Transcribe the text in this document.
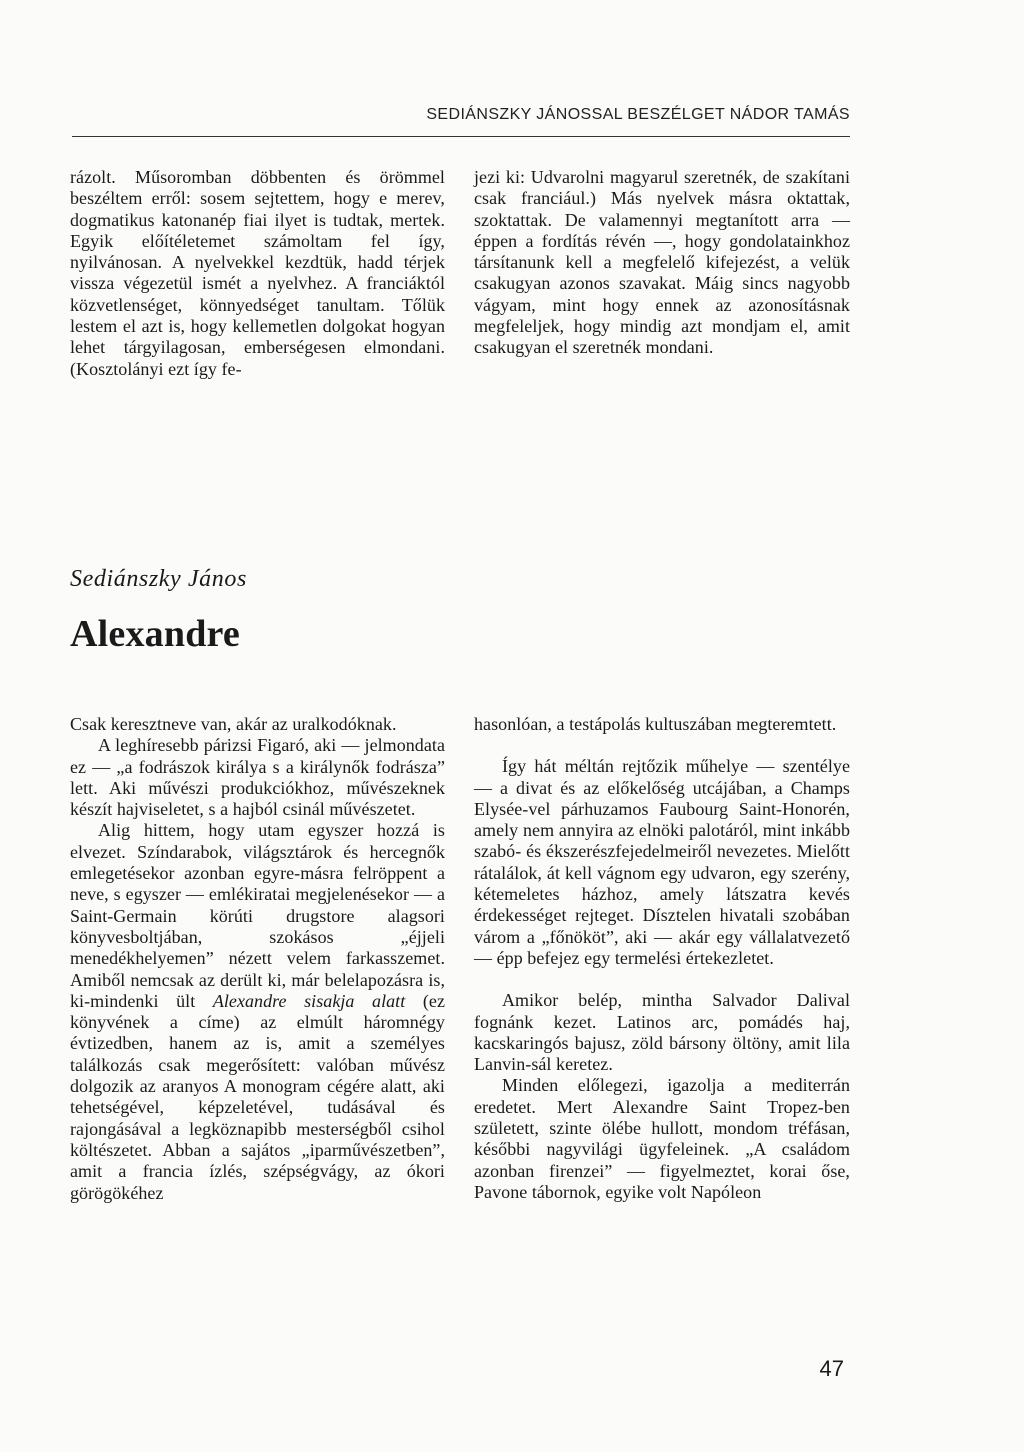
SEDIÁNSZKY JÁNOSSAL BESZÉLGET NÁDOR TAMÁS

rázolt. Műsoromban döbbenten és örömmel beszéltem erről: sosem sejtettem, hogy e merev, dogmatikus katonanép fiai ilyet is tudtak, mertek. Egyik előítéletemet számoltam fel így, nyilvánosan. A nyelvekkel kezdtük, hadd térjek vissza végezetül ismét a nyelvhez. A franciáktól közvetlenséget, könnyedséget tanultam. Tőlük lestem el azt is, hogy kellemetlen dolgokat hogyan lehet tárgyilagosan, emberségesen elmondani. (Kosztolányi ezt így fe-

jezi ki: Udvarolni magyarul szeretnék, de szakítani csak franciául.) Más nyelvek másra oktattak, szoktattak. De valamennyi megtanított arra — éppen a fordítás révén —, hogy gondolatainkhoz társítanunk kell a megfelelő kifejezést, a velük csakugyan azonos szavakat. Máig sincs nagyobb vágyam, mint hogy ennek az azonosításnak megfeleljek, hogy mindig azt mondjam el, amit csakugyan el szeretnék mondani.

Sediánszky János
Alexandre

Csak keresztneve van, akár az uralkodóknak.

A leghíresebb párizsi Figaró, aki — jelmondata ez — „a fodrászok királya s a királynők fodrásza” lett. Aki művészi produkciókhoz, művészeknek készít hajviseletet, s a hajból csinál művészetet.

Alig hittem, hogy utam egyszer hozzá is elvezet. Színdarabok, világsztárok és hercegnők emlegetésekor azonban egyre-másra felröppent a neve, s egyszer — emlékiratai megjelenésekor — a Saint-Germain körúti drugstore alagsori könyvesboltjában, szokásos „éjjeli menedékhelyemen” nézett velem farkasszemet. Amiből nemcsak az derült ki, már belelapozásra is, ki-mindenki ült Alexandre sisakja alatt (ez könyvének a címe) az elmúlt háromnégy évtizedben, hanem az is, amit a személyes találkozás csak megerősített: valóban művész dolgozik az aranyos A monogram cégére alatt, aki tehetségével, képzeletével, tudásával és rajongásával a legköznapibb mesterségből csihol költészetet. Abban a sajátos „iparművészetben”, amit a francia ízlés, szépségvágy, az ókori görögökéhez

hasonlóan, a testápolás kultuszában megteremtett.

Így hát méltán rejtőzik műhelye — szentélye — a divat és az előkelőség utcájában, a Champs Elysée-vel párhuzamos Faubourg Saint-Honorén, amely nem annyira az elnöki palotáról, mint inkább szabó- és ékszerészfejedelmeiről nevezetes. Mielőtt rátalálok, át kell vágnom egy udvaron, egy szerény, kétemeletes házhoz, amely látszatra kevés érdekességet rejteget. Dísztelen hivatali szobában várom a „főnököt”, aki — akár egy vállalatvezető — épp befejez egy termelési értekezletet.

Amikor belép, mintha Salvador Dalival fognánk kezet. Latinos arc, pomádés haj, kacskaringós bajusz, zöld bársony öltöny, amit lila Lanvin-sál keretez.

Minden előlegezi, igazolja a mediterrán eredetet. Mert Alexandre Saint Tropez-ben született, szinte ölébe hullott, mondom tréfásan, későbbi nagyvilági ügyfeleinek. „A családom azonban firenzei” — figyelmeztet, korai őse, Pavone tábornok, egyike volt Napóleon

47
